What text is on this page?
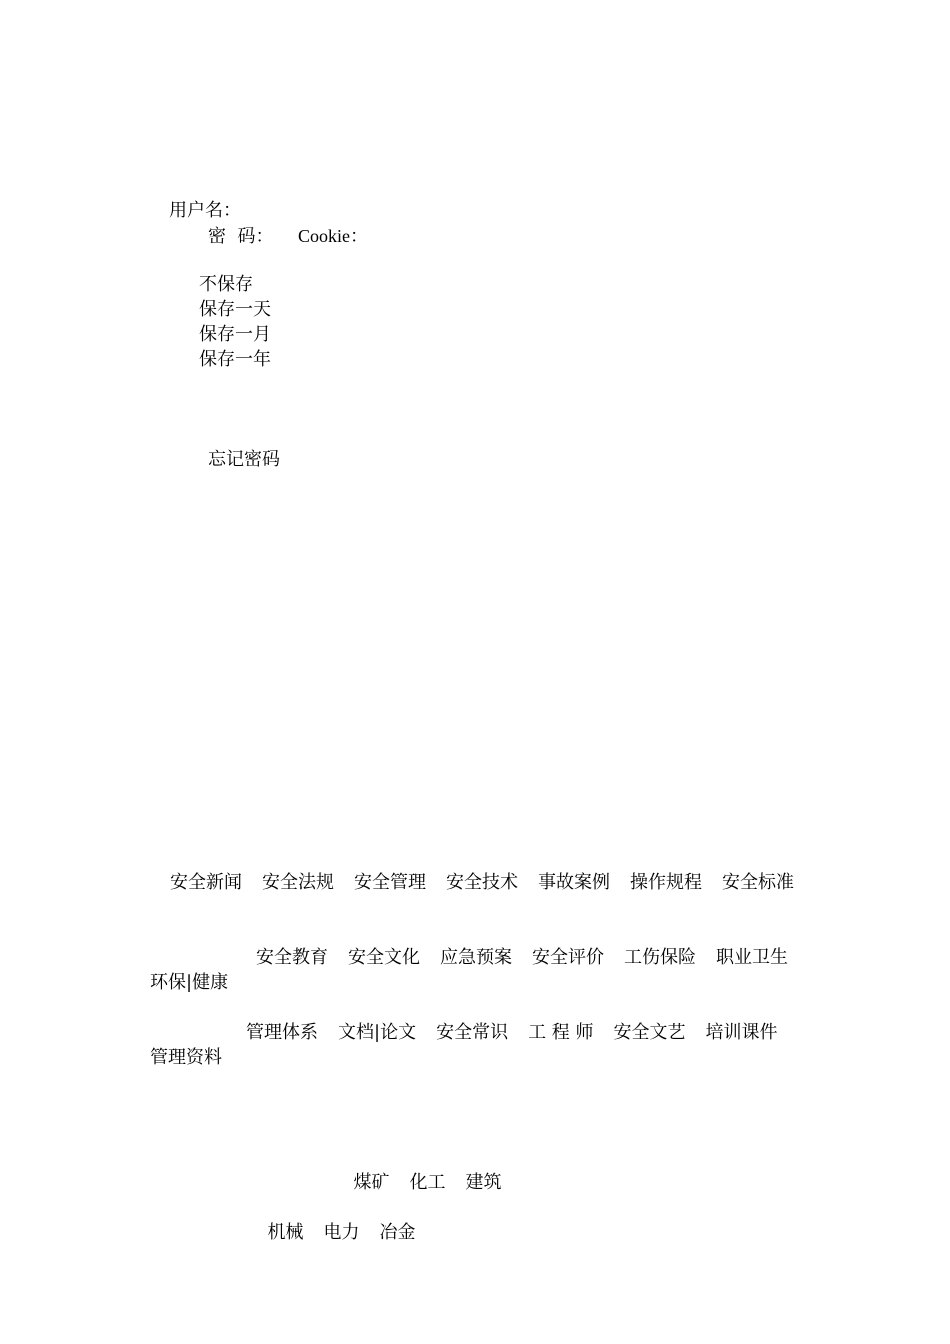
用户名：
密  码： Cookie：
不保存
保存一天
保存一月
保存一年
忘记密码
安全新闻 安全法规 安全管理 安全技术 事故案例 操作规程 安全标准
安全教育 安全文化 应急预案 安全评价 工伤保险 职业卫生环保|健康
管理体系 文档|论文 安全常识 工 程 师 安全文艺 培训课件管理资料

煤矿 化工 建筑

机械 电力 冶金
